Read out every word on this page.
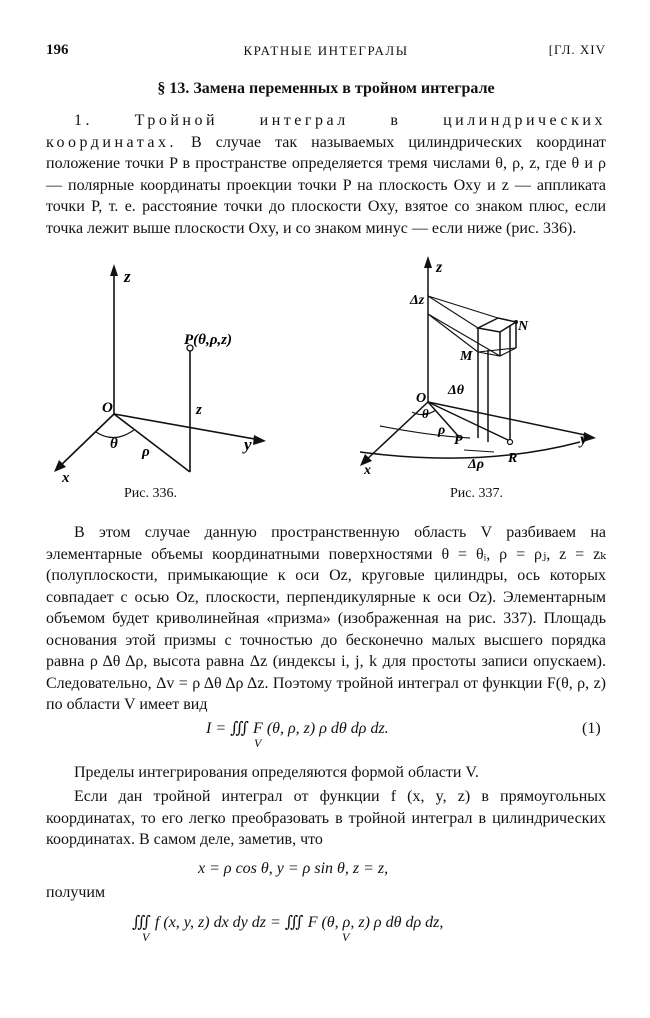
196	КРАТНЫЕ ИНТЕГРАЛЫ	[ГЛ. XIV
§ 13. Замена переменных в тройном интеграле
1. Тройной интеграл в цилиндрических координатах. В случае так называемых цилиндрических координат положение точки P в пространстве определяется тремя числами θ, ρ, z, где θ и ρ — полярные координаты проекции точки P на плоскость Oxy и z — аппликата точки P, т. е. расстояние точки до плоскости Oxy, взятое со знаком плюс, если точка лежит выше плоскости Oxy, и со знаком минус — если ниже (рис. 336).
z
y
x
O
P(θ,ρ,z)
z
θ ρ
Рис. 336.
z
y
x
O
Δz
N
M
Δθ
θ
ρ
P
Δρ R
Рис. 337.
В этом случае данную пространственную область V разбиваем на элементарные объемы координатными поверхностями θ = θᵢ, ρ = ρⱼ, z = zₖ (полуплоскости, примыкающие к оси Oz, круговые цилиндры, ось которых совпадает с осью Oz, плоскости, перпендикулярные к оси Oz). Элементарным объемом будет криволинейная «призма» (изображенная на рис. 337). Площадь основания этой призмы с точностью до бесконечно малых высшего порядка равна ρ Δθ Δρ, высота равна Δz (индексы i, j, k для простоты записи опускаем). Следовательно, Δv = ρ Δθ Δρ Δz. Поэтому тройной интеграл от функции F(θ, ρ, z) по области V имеет вид
I = ∭ F (θ, ρ, z) ρ dθ dρ dz.
V
(1)
Пределы интегрирования определяются формой области V.
Если дан тройной интеграл от функции f (x, y, z) в прямоугольных координатах, то его легко преобразовать в тройной интеграл в цилиндрических координатах. В самом деле, заметив, что
x = ρ cos θ, y = ρ sin θ, z = z,
получим
∭ f (x, y, z) dx dy dz = ∭ F (θ, ρ, z) ρ dθ dρ dz,
V	V
